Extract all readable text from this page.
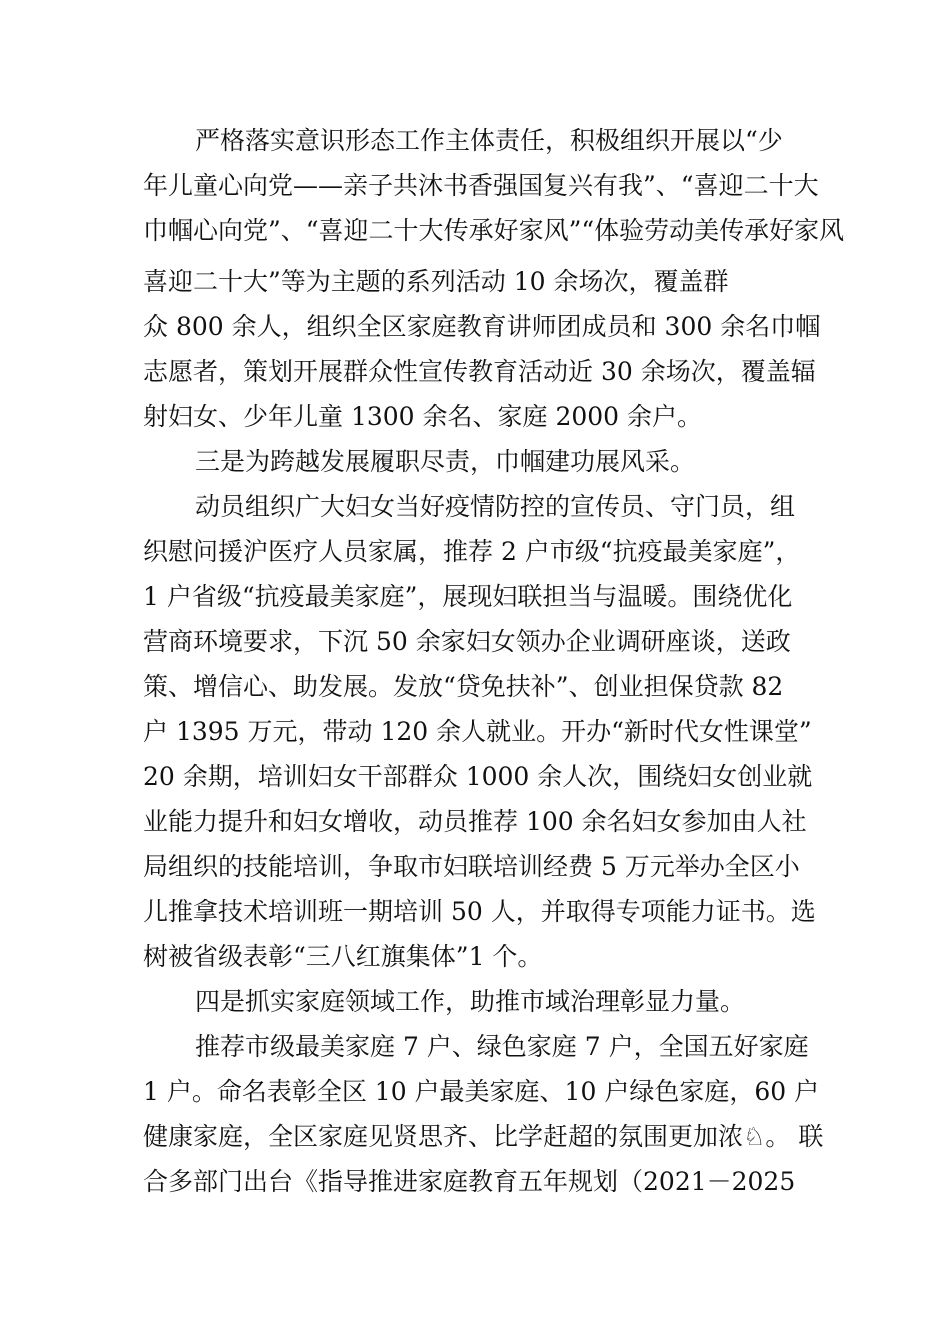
严格落实意识形态工作主体责任，积极组织开展以“少

年儿童心向党——亲子共沐书香强国复兴有我”、“喜迎二十大

巾帼心向党”、“喜迎二十大传承好家风”“体验劳动美传承好家风

喜迎二十大”等为主题的系列活动 10 余场次，覆盖群

众 800 余人，组织全区家庭教育讲师团成员和 300 余名巾帼

志愿者，策划开展群众性宣传教育活动近 30 余场次，覆盖辐

射妇女、少年儿童 1300 余名、家庭 2000 余户。

三是为跨越发展履职尽责，巾帼建功展风采。

动员组织广大妇女当好疫情防控的宣传员、守门员，组

织慰问援沪医疗人员家属，推荐 2 户市级“抗疫最美家庭”，

1 户省级“抗疫最美家庭”，展现妇联担当与温暖。围绕优化

营商环境要求，下沉 50 余家妇女领办企业调研座谈，送政

策、增信心、助发展。发放“贷免扶补”、创业担保贷款 82

户 1395 万元，带动 120 余人就业。开办“新时代女性课堂”

20 余期，培训妇女干部群众 1000 余人次，围绕妇女创业就

业能力提升和妇女增收，动员推荐 100 余名妇女参加由人社

局组织的技能培训，争取市妇联培训经费 5 万元举办全区小

儿推拿技术培训班一期培训 50 人，并取得专项能力证书。选

树被省级表彰“三八红旗集体”1 个。

四是抓实家庭领域工作，助推市域治理彰显力量。

推荐市级最美家庭 7 户、绿色家庭 7 户，全国五好家庭

1 户。命名表彰全区 10 户最美家庭、10 户绿色家庭，60 户

健康家庭，全区家庭见贤思齐、比学赶超的氛围更加浓♘。 联

合多部门出台《指导推进家庭教育五年规划（2021－2025
